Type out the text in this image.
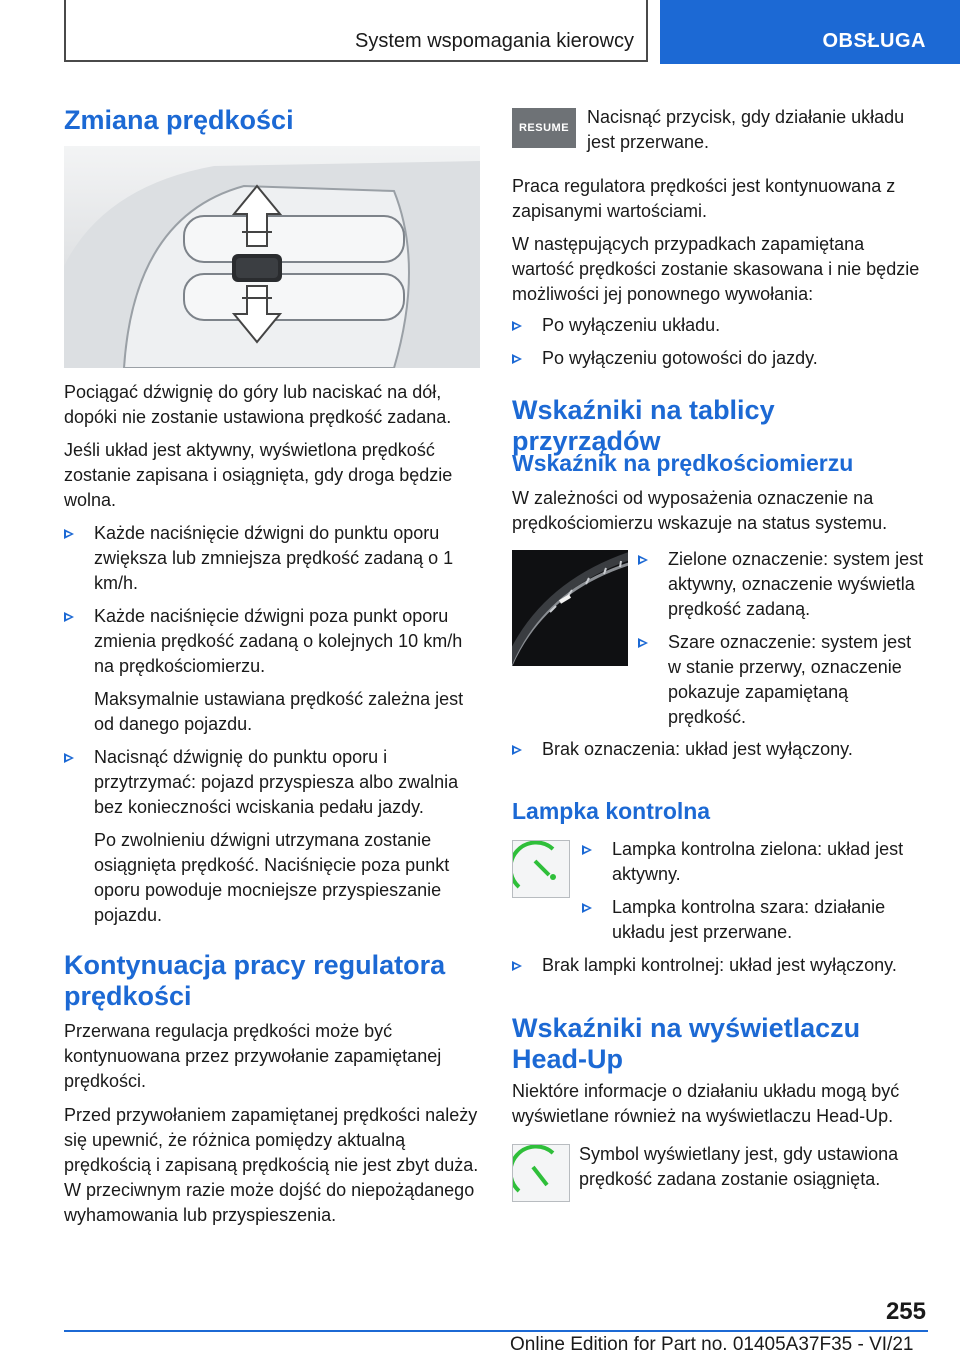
System wspomagania kierowcy	OBSŁUGA
Zmiana prędkości

Pociągać dźwignię do góry lub naciskać na dół, dopóki nie zostanie ustawiona prędkość zadana.

Jeśli układ jest aktywny, wyświetlona prędkość zostanie zapisana i osiągnięta, gdy droga będzie wolna.

Każde naciśnięcie dźwigni do punktu oporu zwiększa lub zmniejsza prędkość zadaną o 1 km/h.
Każde naciśnięcie dźwigni poza punkt oporu zmienia prędkość zadaną o kolejnych 10 km/h na prędkościomierzu.
Maksymalnie ustawiana prędkość zależna jest od danego pojazdu.
Nacisnąć dźwignię do punktu oporu i przytrzymać: pojazd przyspiesza albo zwalnia bez konieczności wciskania pedału jazdy.
Po zwolnieniu dźwigni utrzymana zostanie osiągnięta prędkość. Naciśnięcie poza punkt oporu powoduje mocniejsze przyspieszanie pojazdu.
Kontynuacja pracy regulatora prędkości

Przerwana regulacja prędkości może być kontynuowana przez przywołanie zapamiętanej prędkości.

Przed przywołaniem zapamiętanej prędkości należy się upewnić, że różnica pomiędzy aktualną prędkością i zapisaną prędkością nie jest zbyt duża. W przeciwnym razie może dojść do niepożądanego wyhamowania lub przyspieszenia.

RESUME

Nacisnąć przycisk, gdy działanie układu jest przerwane.

Praca regulatora prędkości jest kontynuowana z zapisanymi wartościami.

W następujących przypadkach zapamiętana wartość prędkości zostanie skasowana i nie będzie możliwości jej ponownego wywołania:

Po wyłączeniu układu.
Po wyłączeniu gotowości do jazdy.
Wskaźniki na tablicy przyrządów
Wskaźnik na prędkościomierzu

W zależności od wyposażenia oznaczenie na prędkościomierzu wskazuje na status systemu.

Zielone oznaczenie: system jest aktywny, oznaczenie wyświetla prędkość zadaną.
Szare oznaczenie: system jest w stanie przerwy, oznaczenie pokazuje zapamiętaną prędkość.
Brak oznaczenia: układ jest wyłączony.
Lampka kontrolna
Lampka kontrolna zielona: układ jest aktywny.
Lampka kontrolna szara: działanie układu jest przerwane.
Brak lampki kontrolnej: układ jest wyłączony.
Wskaźniki na wyświetlaczu Head-Up

Niektóre informacje o działaniu układu mogą być wyświetlane również na wyświetlaczu Head-Up.

Symbol wyświetlany jest, gdy ustawiona prędkość zadana zostanie osiągnięta.

255
Online Edition for Part no. 01405A37F35 - VI/21
